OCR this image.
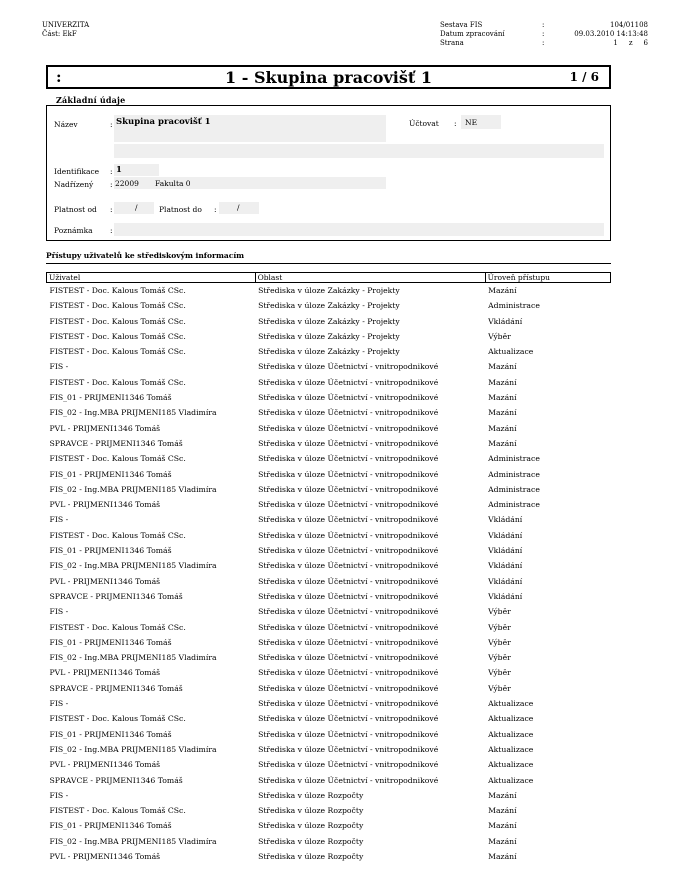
UNIVERZITA
Část: EkF
Sestava FIS	:	104/01108
Datum zpracování	:	09.03.2010 14:13:48
Strana	:	1 z 6
:	1 - Skupina pracovišť 1	1 / 6
Základní údaje
Název	: Skupina pracovišť 1	Účtovat : NE
Identifikace : 1
Nadřízený : 22009 Fakulta 0
Platnost od :	/	Platnost do :	/
Poznámka :
Přístupy uživatelů ke střediskovým informacím
Uživatel	Oblast	Úroveň přístupu
FISTEST - Doc. Kalous Tomáš CSc.	Střediska v úloze Zakázky - Projekty	Mazání
FISTEST - Doc. Kalous Tomáš CSc.	Střediska v úloze Zakázky - Projekty	Administrace
FISTEST - Doc. Kalous Tomáš CSc.	Střediska v úloze Zakázky - Projekty	Vkládání
FISTEST - Doc. Kalous Tomáš CSc.	Střediska v úloze Zakázky - Projekty	Výběr
FISTEST - Doc. Kalous Tomáš CSc.	Střediska v úloze Zakázky - Projekty	Aktualizace
FIS -	Střediska v úloze Účetnictví - vnitropodnikové	Mazání
FISTEST - Doc. Kalous Tomáš CSc.	Střediska v úloze Účetnictví - vnitropodnikové	Mazání
FIS_01 - PRIJMENI1346 Tomáš	Střediska v úloze Účetnictví - vnitropodnikové	Mazání
FIS_02 - Ing.MBA PRIJMENI185 Vladimíra	Střediska v úloze Účetnictví - vnitropodnikové	Mazání
PVL - PRIJMENI1346 Tomáš	Střediska v úloze Účetnictví - vnitropodnikové	Mazání
SPRAVCE - PRIJMENI1346 Tomáš	Střediska v úloze Účetnictví - vnitropodnikové	Mazání
FISTEST - Doc. Kalous Tomáš CSc.	Střediska v úloze Účetnictví - vnitropodnikové	Administrace
FIS_01 - PRIJMENI1346 Tomáš	Střediska v úloze Účetnictví - vnitropodnikové	Administrace
FIS_02 - Ing.MBA PRIJMENI185 Vladimíra	Střediska v úloze Účetnictví - vnitropodnikové	Administrace
PVL - PRIJMENI1346 Tomáš	Střediska v úloze Účetnictví - vnitropodnikové	Administrace
FIS -	Střediska v úloze Účetnictví - vnitropodnikové	Vkládání
FISTEST - Doc. Kalous Tomáš CSc.	Střediska v úloze Účetnictví - vnitropodnikové	Vkládání
FIS_01 - PRIJMENI1346 Tomáš	Střediska v úloze Účetnictví - vnitropodnikové	Vkládání
FIS_02 - Ing.MBA PRIJMENI185 Vladimíra	Střediska v úloze Účetnictví - vnitropodnikové	Vkládání
PVL - PRIJMENI1346 Tomáš	Střediska v úloze Účetnictví - vnitropodnikové	Vkládání
SPRAVCE - PRIJMENI1346 Tomáš	Střediska v úloze Účetnictví - vnitropodnikové	Vkládání
FIS -	Střediska v úloze Účetnictví - vnitropodnikové	Výběr
FISTEST - Doc. Kalous Tomáš CSc.	Střediska v úloze Účetnictví - vnitropodnikové	Výběr
FIS_01 - PRIJMENI1346 Tomáš	Střediska v úloze Účetnictví - vnitropodnikové	Výběr
FIS_02 - Ing.MBA PRIJMENI185 Vladimíra	Střediska v úloze Účetnictví - vnitropodnikové	Výběr
PVL - PRIJMENI1346 Tomáš	Střediska v úloze Účetnictví - vnitropodnikové	Výběr
SPRAVCE - PRIJMENI1346 Tomáš	Střediska v úloze Účetnictví - vnitropodnikové	Výběr
FIS -	Střediska v úloze Účetnictví - vnitropodnikové	Aktualizace
FISTEST - Doc. Kalous Tomáš CSc.	Střediska v úloze Účetnictví - vnitropodnikové	Aktualizace
FIS_01 - PRIJMENI1346 Tomáš	Střediska v úloze Účetnictví - vnitropodnikové	Aktualizace
FIS_02 - Ing.MBA PRIJMENI185 Vladimíra	Střediska v úloze Účetnictví - vnitropodnikové	Aktualizace
PVL - PRIJMENI1346 Tomáš	Střediska v úloze Účetnictví - vnitropodnikové	Aktualizace
SPRAVCE - PRIJMENI1346 Tomáš	Střediska v úloze Účetnictví - vnitropodnikové	Aktualizace
FIS -	Střediska v úloze Rozpočty	Mazání
FISTEST - Doc. Kalous Tomáš CSc.	Střediska v úloze Rozpočty	Mazání
FIS_01 - PRIJMENI1346 Tomáš	Střediska v úloze Rozpočty	Mazání
FIS_02 - Ing.MBA PRIJMENI185 Vladimíra	Střediska v úloze Rozpočty	Mazání
PVL - PRIJMENI1346 Tomáš	Střediska v úloze Rozpočty	Mazání
